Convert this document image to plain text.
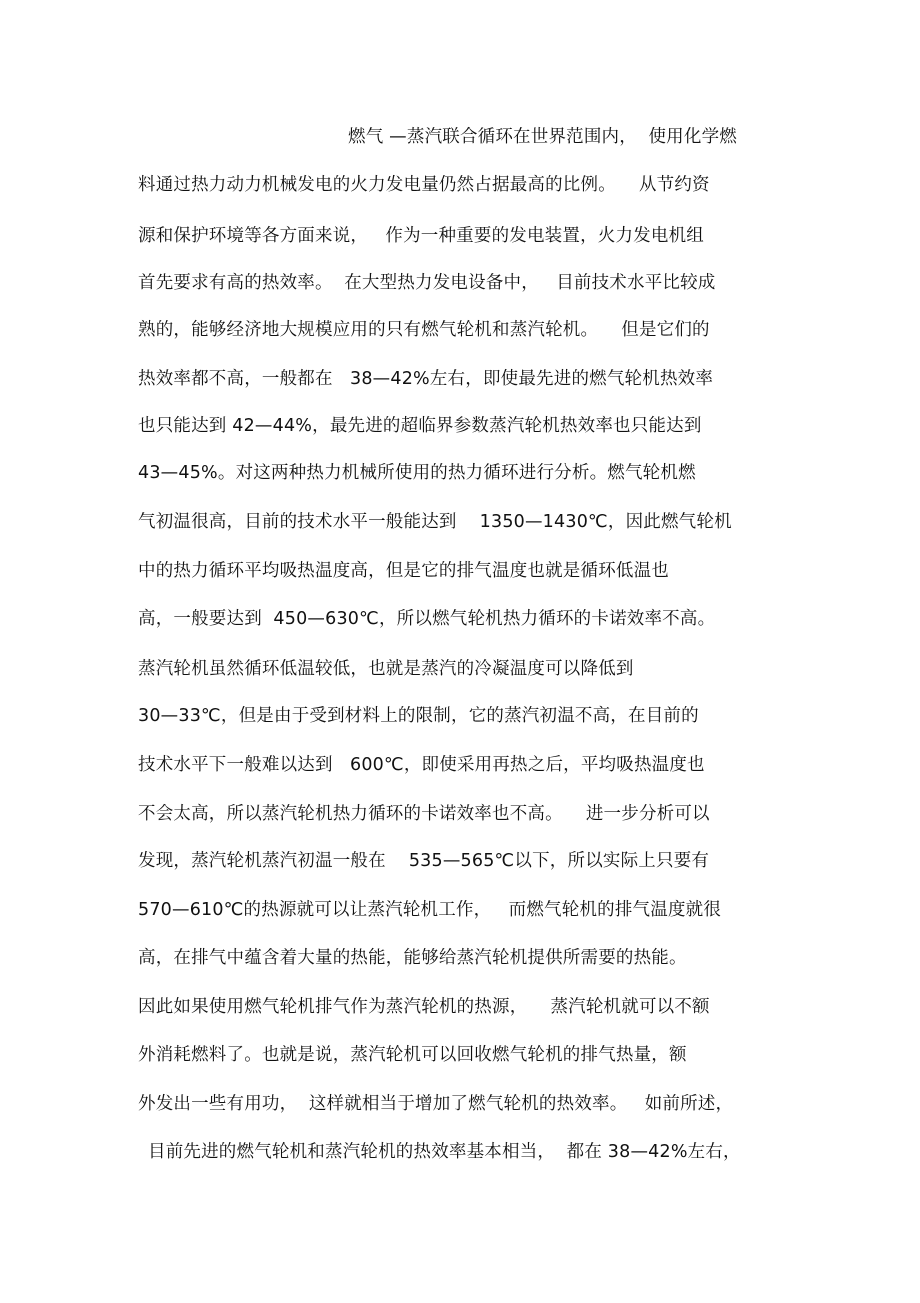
燃气 —蒸汽联合循环在世界范围内，  使用化学燃
料通过热力动力机械发电的火力发电量仍然占据最高的比例。    从节约资
源和保护环境等各方面来说，   作为一种重要的发电装置，火力发电机组
首先要求有高的热效率。  在大型热力发电设备中，   目前技术水平比较成
熟的，能够经济地大规模应用的只有燃气轮机和蒸汽轮机。    但是它们的
热效率都不高，一般都在   38—42%左右，即使最先进的燃气轮机热效率
也只能达到 42—44%，最先进的超临界参数蒸汽轮机热效率也只能达到
43—45%。对这两种热力机械所使用的热力循环进行分析。燃气轮机燃
气初温很高，目前的技术水平一般能达到    1350—1430℃，因此燃气轮机
中的热力循环平均吸热温度高，但是它的排气温度也就是循环低温也
高，一般要达到  450—630℃，所以燃气轮机热力循环的卡诺效率不高。
蒸汽轮机虽然循环低温较低，也就是蒸汽的冷凝温度可以降低到
30—33℃，但是由于受到材料上的限制，它的蒸汽初温不高，在目前的
技术水平下一般难以达到   600℃，即使采用再热之后，平均吸热温度也
不会太高，所以蒸汽轮机热力循环的卡诺效率也不高。    进一步分析可以
发现，蒸汽轮机蒸汽初温一般在    535—565℃以下，所以实际上只要有
570—610℃的热源就可以让蒸汽轮机工作，   而燃气轮机的排气温度就很
高，在排气中蕴含着大量的热能，能够给蒸汽轮机提供所需要的热能。
因此如果使用燃气轮机排气作为蒸汽轮机的热源，    蒸汽轮机就可以不额
外消耗燃料了。也就是说，蒸汽轮机可以回收燃气轮机的排气热量，额
外发出一些有用功，  这样就相当于增加了燃气轮机的热效率。   如前所述，
目前先进的燃气轮机和蒸汽轮机的热效率基本相当，  都在 38—42%左右，
